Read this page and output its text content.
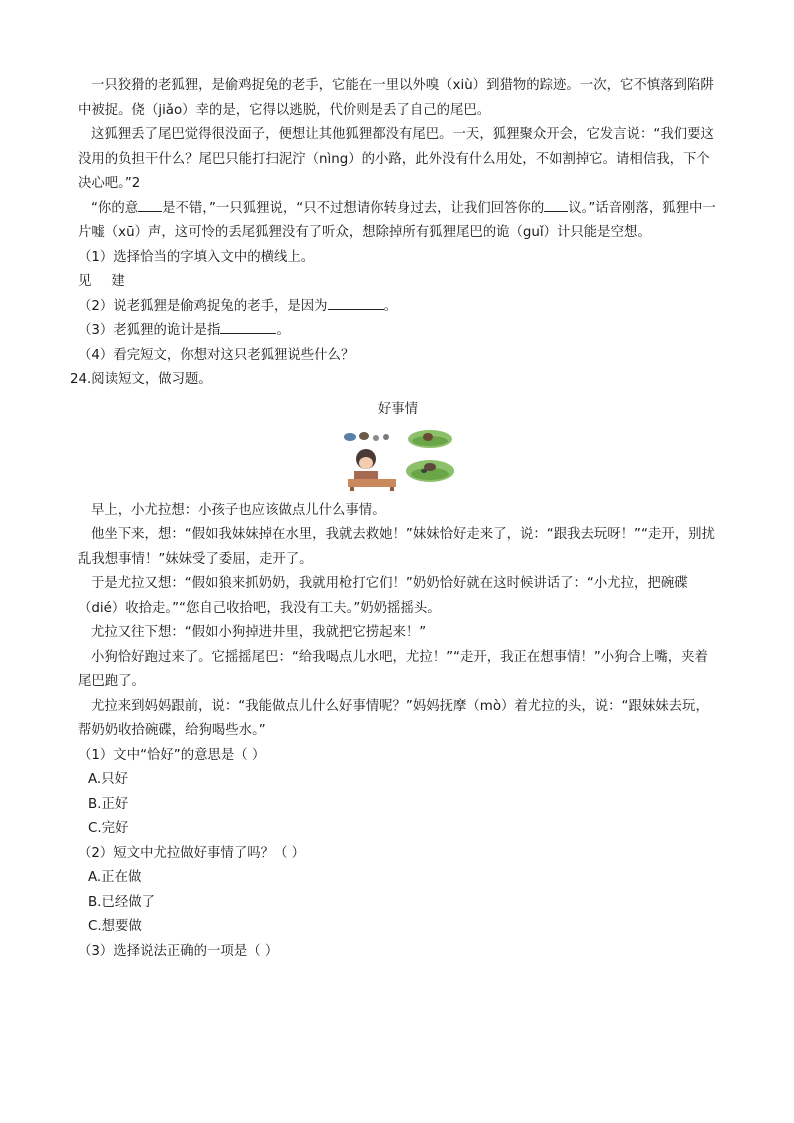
一只狡猾的老狐狸，是偷鸡捉兔的老手，它能在一里以外嗅（xiù）到猎物的踪迹。一次，它不慎落到陷阱中被捉。侥（jiǎo）幸的是，它得以逃脱，代价则是丢了自己的尾巴。

这狐狸丢了尾巴觉得很没面子，便想让其他狐狸都没有尾巴。一天，狐狸聚众开会，它发言说：“我们要这没用的负担干什么？尾巴只能打扫泥泞（nìng）的小路，此外没有什么用处，不如割掉它。请相信我，下个决心吧。”2

“你的意 是不错，”一只狐狸说，“只不过想请你转身过去，让我们回答你的 议。”话音刚落，狐狸中一片嘘（xū）声，这可怜的丢尾狐狸没有了听众，想除掉所有狐狸尾巴的诡（guǐ）计只能是空想。

（1）选择恰当的字填入文中的横线上。

见 建

（2）说老狐狸是偷鸡捉兔的老手，是因为	。

（3）老狐狸的诡计是指	。

（4）看完短文，你想对这只老狐狸说些什么？

24.阅读短文，做习题。

好事情

早上，小尤拉想：小孩子也应该做点儿什么事情。

他坐下来，想：“假如我妹妹掉在水里，我就去救她！”妹妹恰好走来了，说：“跟我去玩呀！”“走开，别扰乱我想事情！”妹妹受了委屈，走开了。

于是尤拉又想：“假如狼来抓奶奶，我就用枪打它们！”奶奶恰好就在这时候讲话了：“小尤拉，把碗碟（dié）收拾走。”“您自己收拾吧，我没有工夫。”奶奶摇摇头。

尤拉又往下想：“假如小狗掉进井里，我就把它捞起来！”

小狗恰好跑过来了。它摇摇尾巴：“给我喝点儿水吧，尤拉！”“走开，我正在想事情！”小狗合上嘴，夹着尾巴跑了。

尤拉来到妈妈跟前，说：“我能做点儿什么好事情呢？”妈妈抚摩（mò）着尤拉的头，说：“跟妹妹去玩，帮奶奶收拾碗碟，给狗喝些水。”

（1）文中“恰好”的意思是（ ）

A.只好

B.正好

C.完好

（2）短文中尤拉做好事情了吗？（ ）

A.正在做

B.已经做了

C.想要做

（3）选择说法正确的一项是（ ）
